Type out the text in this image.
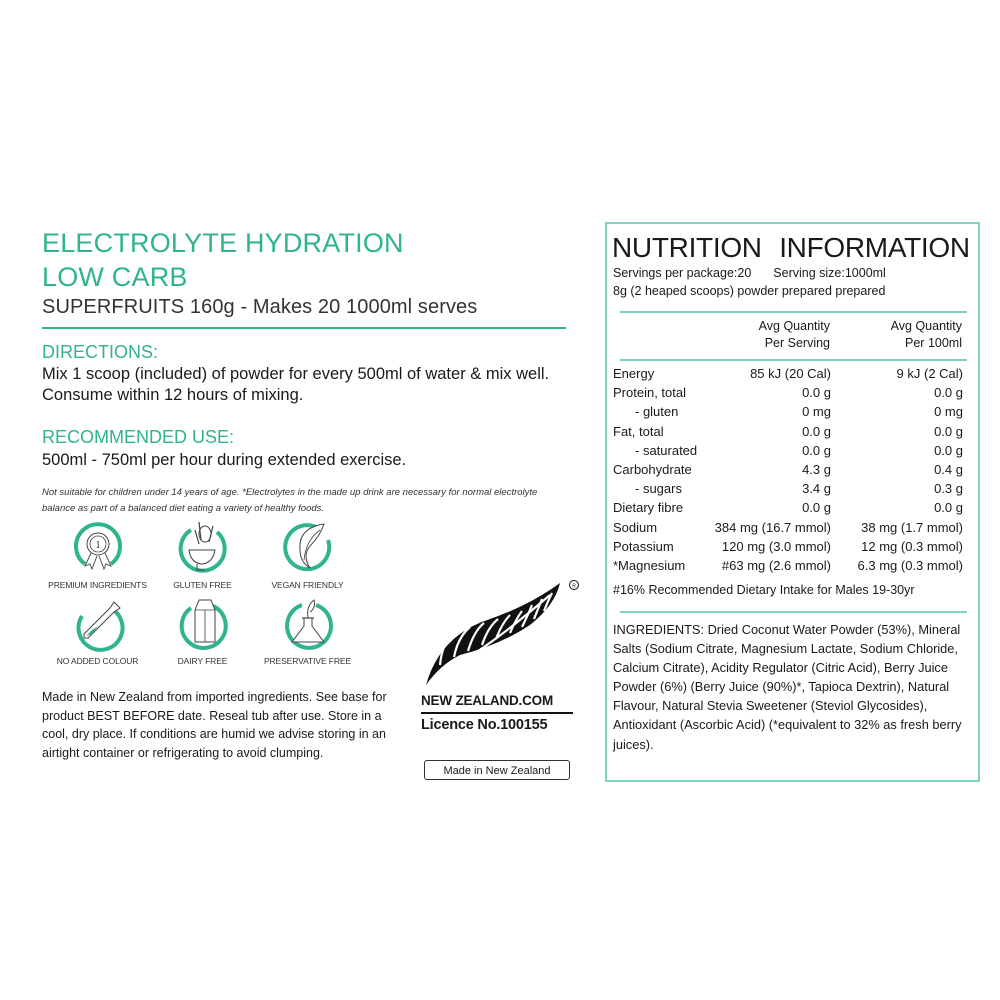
ELECTROLYTE HYDRATION
LOW CARB
SUPERFRUITS 160g - Makes 20 1000ml serves
DIRECTIONS:
Mix 1 scoop (included) of powder for every 500ml of water & mix well. Consume within 12 hours of mixing.
RECOMMENDED USE:
500ml - 750ml per hour during extended exercise.
Not suitable for children under 14 years of age. *Electrolytes in the made up drink are necessary for normal electrolyte balance as part of a balanced diet eating a variety of healthy foods.
1
PREMIUM INGREDIENTS	GLUTEN FREE	VEGAN FRIENDLY
NO ADDED COLOUR	DAIRY FREE	PRESERVATIVE FREE
Made in New Zealand from imported ingredients. See base for product BEST BEFORE date. Reseal tub after use. Store in a cool, dry place. If conditions are humid we advise storing in an airtight container or refrigerating to avoid clumping.
R
NEW ZEALAND.COM
Licence No.100155
Made in New Zealand
NUTRITION INFORMATION
Servings per package:20 Serving size:1000ml
8g (2 heaped scoops) powder prepared prepared
Avg Quantity
Per Serving
Avg Quantity
Per 100ml
Energy	85 kJ (20 Cal)	9 kJ (2 Cal)
Protein, total	0.0 g	0.0 g
- gluten	0 mg	0 mg
Fat, total	0.0 g	0.0 g
- saturated	0.0 g	0.0 g
Carbohydrate	4.3 g	0.4 g
- sugars	3.4 g	0.3 g
Dietary fibre	0.0 g	0.0 g
Sodium	384 mg (16.7 mmol)	38 mg (1.7 mmol)
Potassium	120 mg (3.0 mmol)	12 mg (0.3 mmol)
*Magnesium	#63 mg (2.6 mmol)	6.3 mg (0.3 mmol)
#16% Recommended Dietary Intake for Males 19-30yr
INGREDIENTS: Dried Coconut Water Powder (53%), Mineral Salts (Sodium Citrate, Magnesium Lactate, Sodium Chloride, Calcium Citrate), Acidity Regulator (Citric Acid), Berry Juice Powder (6%) (Berry Juice (90%)*, Tapioca Dextrin), Natural Flavour, Natural Stevia Sweetener (Steviol Glycosides), Antioxidant (Ascorbic Acid) (*equivalent to 32% as fresh berry juices).
